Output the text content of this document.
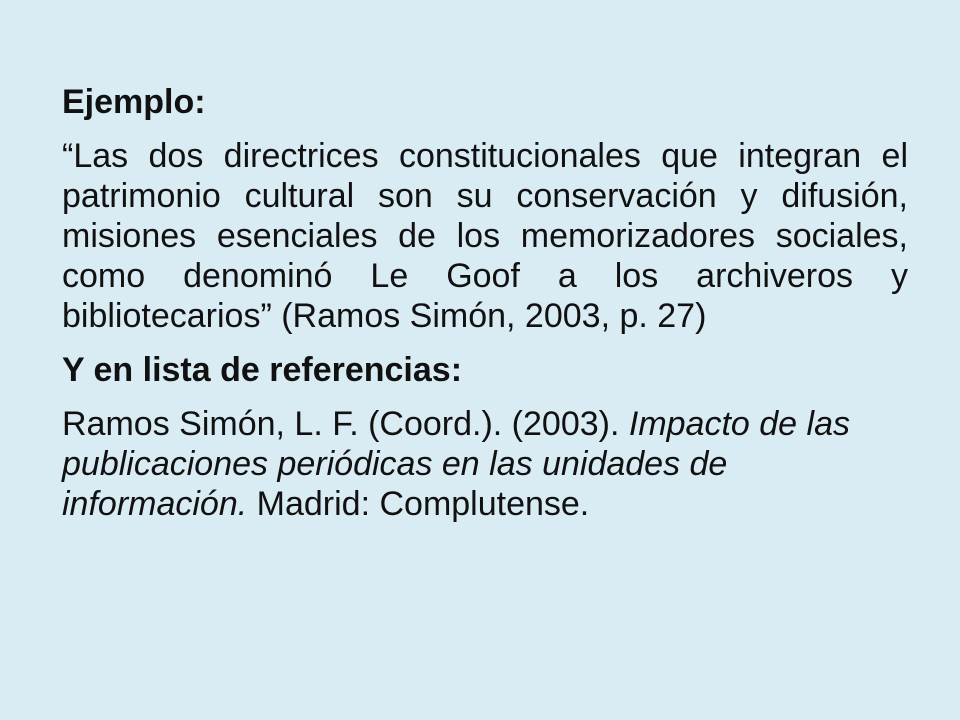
Ejemplo:

“Las dos directrices constitucionales que integran el patrimonio cultural son su conservación y difusión, misiones esenciales de los memorizadores sociales, como denominó Le Goof a los archiveros y bibliotecarios” (Ramos Simón, 2003, p. 27)

Y en lista de referencias:

Ramos Simón, L. F. (Coord.). (2003). Impacto de las publicaciones periódicas en las unidades de información. Madrid: Complutense.
